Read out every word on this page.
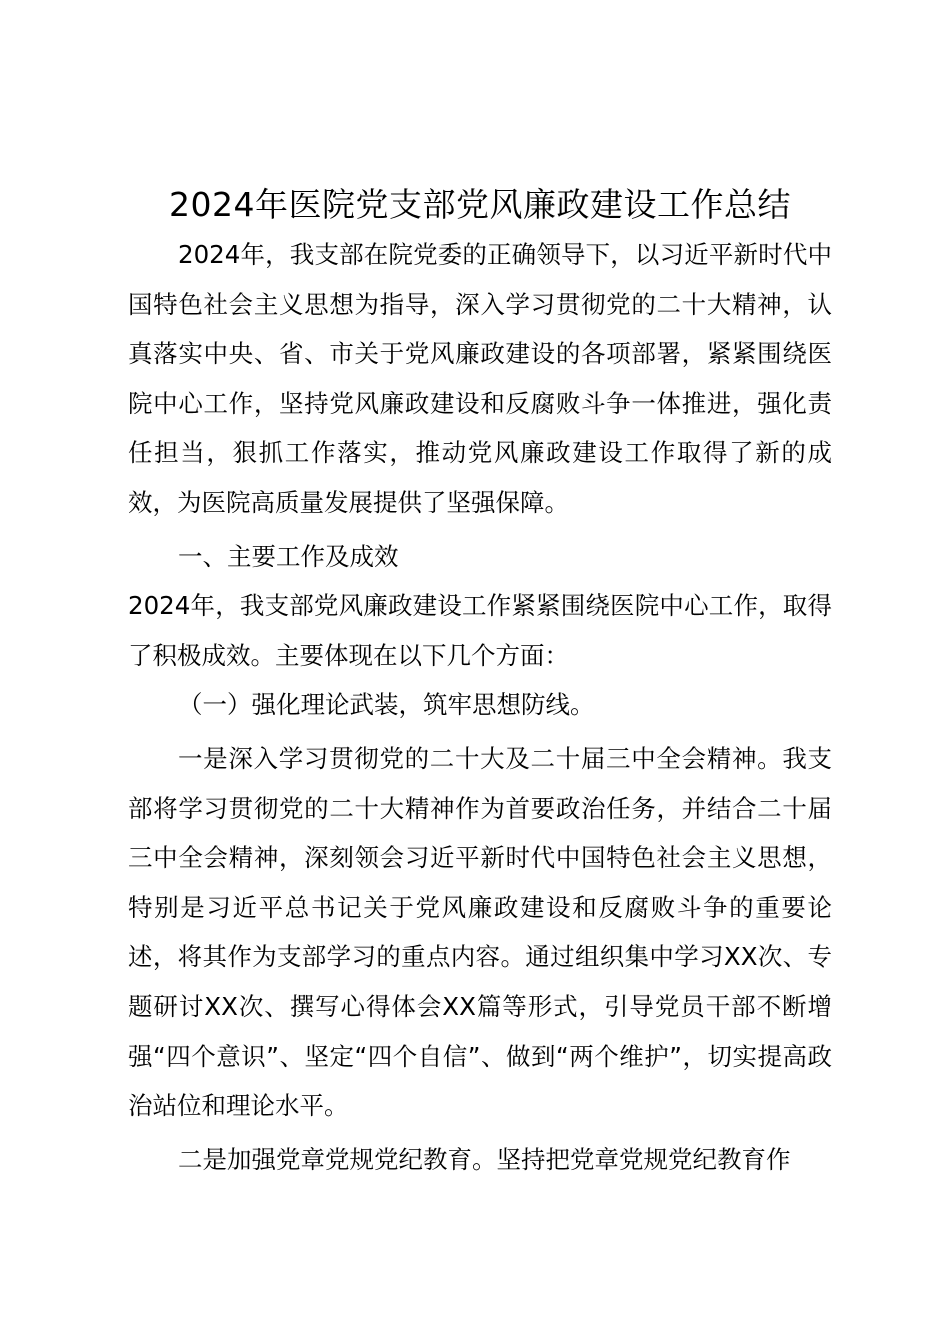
2024年医院党支部党风廉政建设工作总结

2024年，我支部在院党委的正确领导下，以习近平新时代中国特色社会主义思想为指导，深入学习贯彻党的二十大精神，认真落实中央、省、市关于党风廉政建设的各项部署，紧紧围绕医院中心工作，坚持党风廉政建设和反腐败斗争一体推进，强化责任担当，狠抓工作落实，推动党风廉政建设工作取得了新的成效，为医院高质量发展提供了坚强保障。

一、主要工作及成效

2024年，我支部党风廉政建设工作紧紧围绕医院中心工作，取得了积极成效。主要体现在以下几个方面：

（一）强化理论武装，筑牢思想防线。

一是深入学习贯彻党的二十大及二十届三中全会精神。我支部将学习贯彻党的二十大精神作为首要政治任务，并结合二十届三中全会精神，深刻领会习近平新时代中国特色社会主义思想，特别是习近平总书记关于党风廉政建设和反腐败斗争的重要论述，将其作为支部学习的重点内容。通过组织集中学习XX次、专题研讨XX次、撰写心得体会XX篇等形式，引导党员干部不断增强“四个意识”、坚定“四个自信”、做到“两个维护”，切实提高政治站位和理论水平。

二是加强党章党规党纪教育。坚持把党章党规党纪教育作
